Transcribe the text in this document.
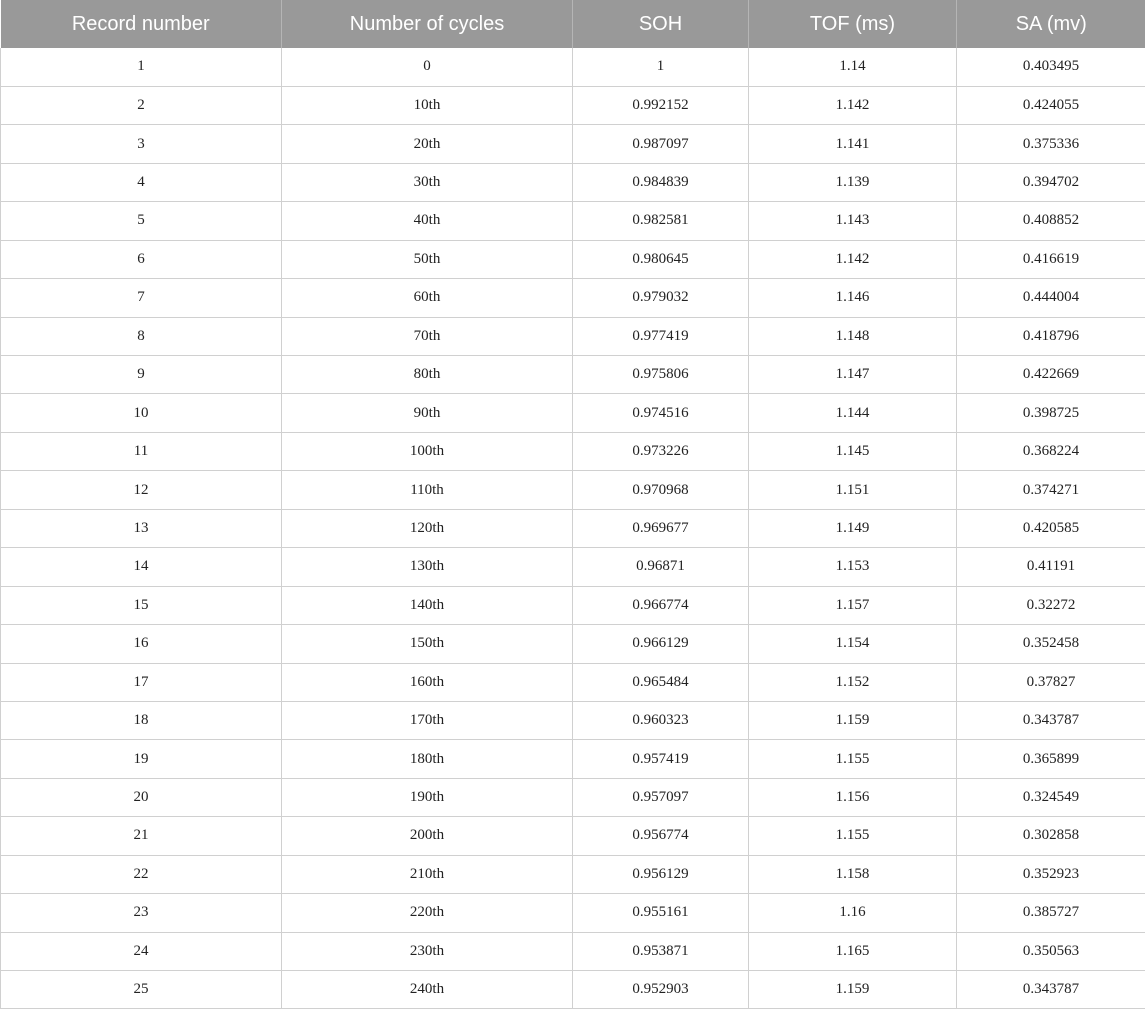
Record number	Number of cycles	SOH	TOF (ms)	SA (mv)
1	0	1	1.14	0.403495
2	10th	0.992152	1.142	0.424055
3	20th	0.987097	1.141	0.375336
4	30th	0.984839	1.139	0.394702
5	40th	0.982581	1.143	0.408852
6	50th	0.980645	1.142	0.416619
7	60th	0.979032	1.146	0.444004
8	70th	0.977419	1.148	0.418796
9	80th	0.975806	1.147	0.422669
10	90th	0.974516	1.144	0.398725
11	100th	0.973226	1.145	0.368224
12	110th	0.970968	1.151	0.374271
13	120th	0.969677	1.149	0.420585
14	130th	0.96871	1.153	0.41191
15	140th	0.966774	1.157	0.32272
16	150th	0.966129	1.154	0.352458
17	160th	0.965484	1.152	0.37827
18	170th	0.960323	1.159	0.343787
19	180th	0.957419	1.155	0.365899
20	190th	0.957097	1.156	0.324549
21	200th	0.956774	1.155	0.302858
22	210th	0.956129	1.158	0.352923
23	220th	0.955161	1.16	0.385727
24	230th	0.953871	1.165	0.350563
25	240th	0.952903	1.159	0.343787
